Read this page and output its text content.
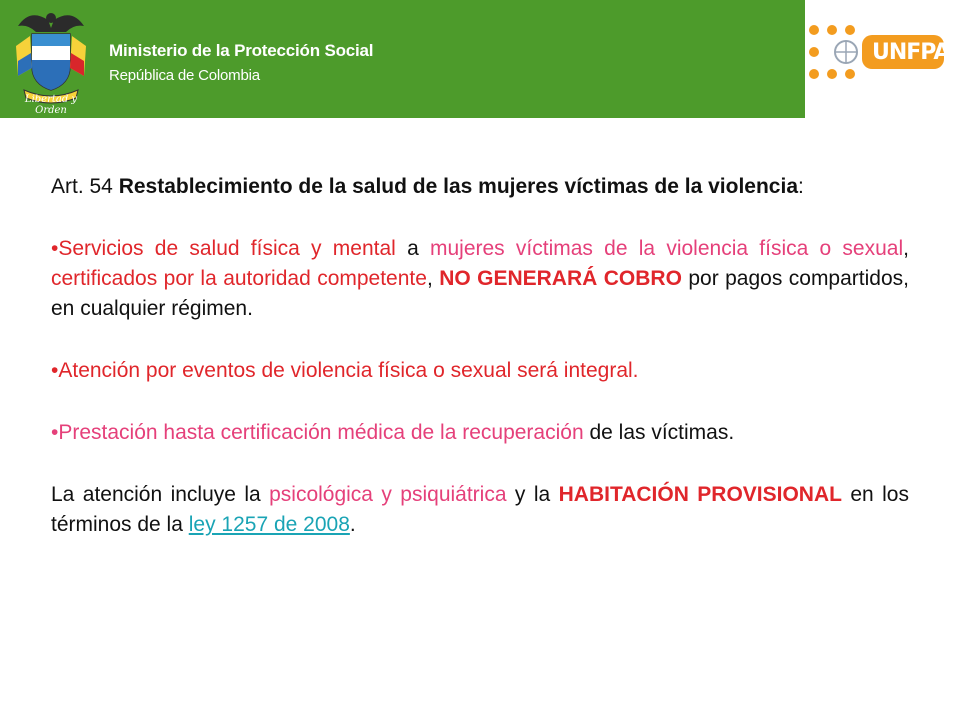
Libertad y Orden
Ministerio de la Protección Social
República de Colombia
UNFPA

Art. 54 Restablecimiento de la salud de las mujeres víctimas de la violencia:

•Servicios de salud física y mental a mujeres víctimas de la violencia física o sexual, certificados por la autoridad competente, NO GENERARÁ COBRO por pagos compartidos, en cualquier régimen.

•Atención por eventos de violencia física o sexual será integral.

•Prestación hasta certificación médica de la recuperación de las víctimas.

La atención incluye la psicológica y psiquiátrica y la HABITACIÓN PROVISIONAL en los términos de la ley 1257 de 2008.
